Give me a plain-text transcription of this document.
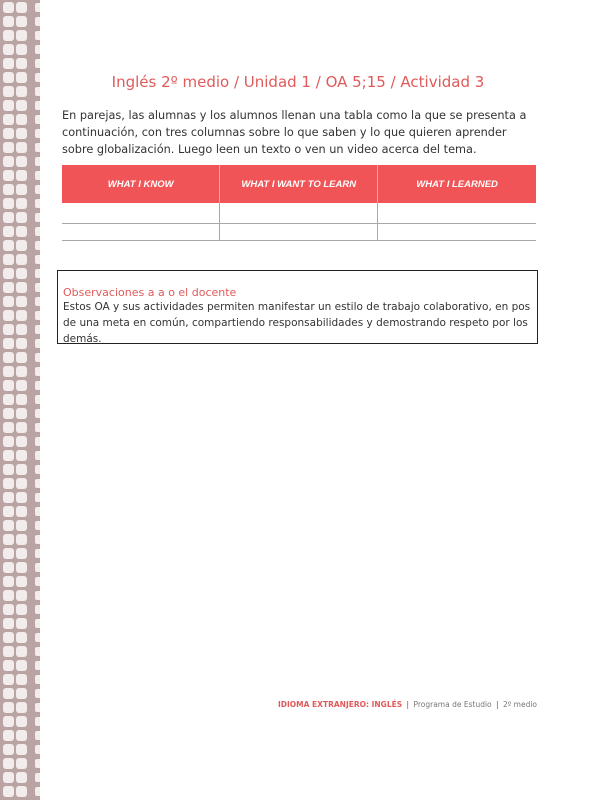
Inglés 2º medio / Unidad 1 / OA 5;15 / Actividad 3
En parejas, las alumnas y los alumnos llenan una tabla como la que se presenta a continuación, con tres columnas sobre lo que saben y lo que quieren aprender sobre globalización. Luego leen un texto o ven un video acerca del tema.
WHAT I KNOW	WHAT I WANT TO LEARN	WHAT I LEARNED

Observaciones a a o el docente
Estos OA y sus actividades permiten manifestar un estilo de trabajo colaborativo, en pos de una meta en común, compartiendo responsabilidades y demostrando respeto por los demás.
IDIOMA EXTRANJERO: INGLÉS | Programa de Estudio | 2º medio
